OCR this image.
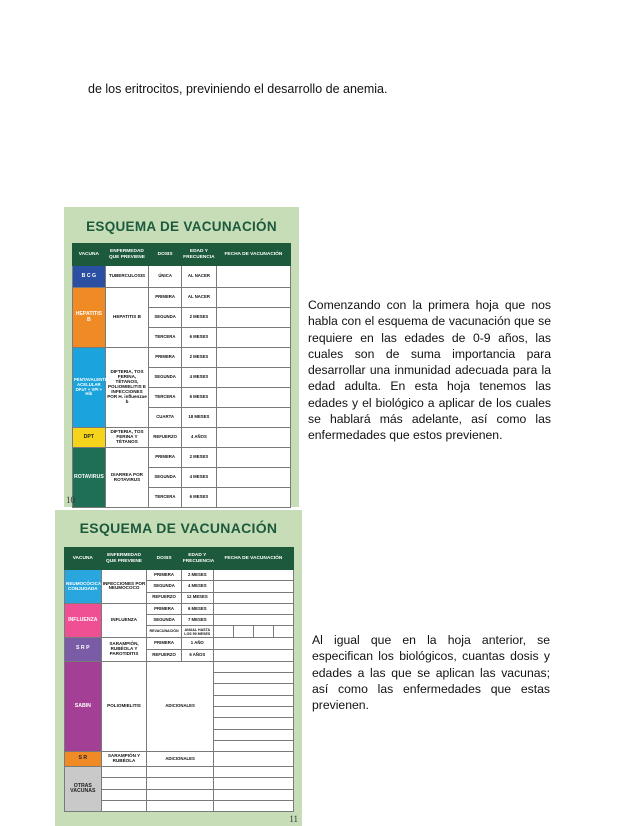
de los eritrocitos, previniendo el desarrollo de anemia.
ESQUEMA DE VACUNACIÓN
VACUNA	ENFERMEDAD QUE PREVIENE	DOSIS	EDAD Y FRECUENCIA	FECHA DE VACUNACIÓN
B C G	TUBERCULOSIS	ÚNICA	AL NACER	
HEPATITIS B	HEPATITIS B	PRIMERA	AL NACER	
		SEGUNDA	2 MESES	
		TERCERA	6 MESES	
PENTAVALENTE ACELULAR DPaT + VPI + Hib	DIFTERIA, TOS FERINA, TÉTANOS, POLIOMIELITIS E INFECCIONES POR H. influenzae b	PRIMERA	2 MESES	
		SEGUNDA	4 MESES	
		TERCERA	6 MESES	
		CUARTA	18 MESES	
DPT	DIFTERIA, TOS FERINA Y TÉTANOS	REFUERZO	4 AÑOS	
ROTAVIRUS	DIARREA POR ROTAVIRUS	PRIMERA	2 MESES	
		SEGUNDA	4 MESES	
		TERCERA	6 MESES	
10
Comenzando con la primera hoja que nos habla con el esquema de vacunación que se requiere en las edades de 0-9 años, las cuales son de suma importancia para desarrollar una inmunidad adecuada para la edad adulta. En esta hoja tenemos las edades y el biológico a aplicar de los cuales se hablará más adelante, así como las enfermedades que estos previenen.
ESQUEMA DE VACUNACIÓN
VACUNA	ENFERMEDAD QUE PREVIENE	DOSIS	EDAD Y FRECUENCIA	FECHA DE VACUNACIÓN			
NEUMOCÓCICA CONJUGADA	INFECCIONES POR NEUMOCOCO	PRIMERA	2 MESES				
		SEGUNDA	4 MESES				
		REFUERZO	12 MESES				
INFLUENZA	INFLUENZA	PRIMERA	6 MESES				
		SEGUNDA	7 MESES				
		REVACUNACIÓN	ANUAL HASTA LOS 59 MESES				
S R P	SARAMPIÓN, RUBÉOLA Y PAROTIDITIS	PRIMERA	1 AÑO				
		REFUERZO	6 AÑOS				
SABIN	POLIOMIELITIS	ADICIONALES					

S R	SARAMPIÓN Y RUBÉOLA	ADICIONALES					
OTRAS VACUNAS							

11
Al igual que en la hoja anterior, se especifican los biológicos, cuantas dosis y edades a las que se aplican las vacunas; así como las enfermedades que estas previenen.
